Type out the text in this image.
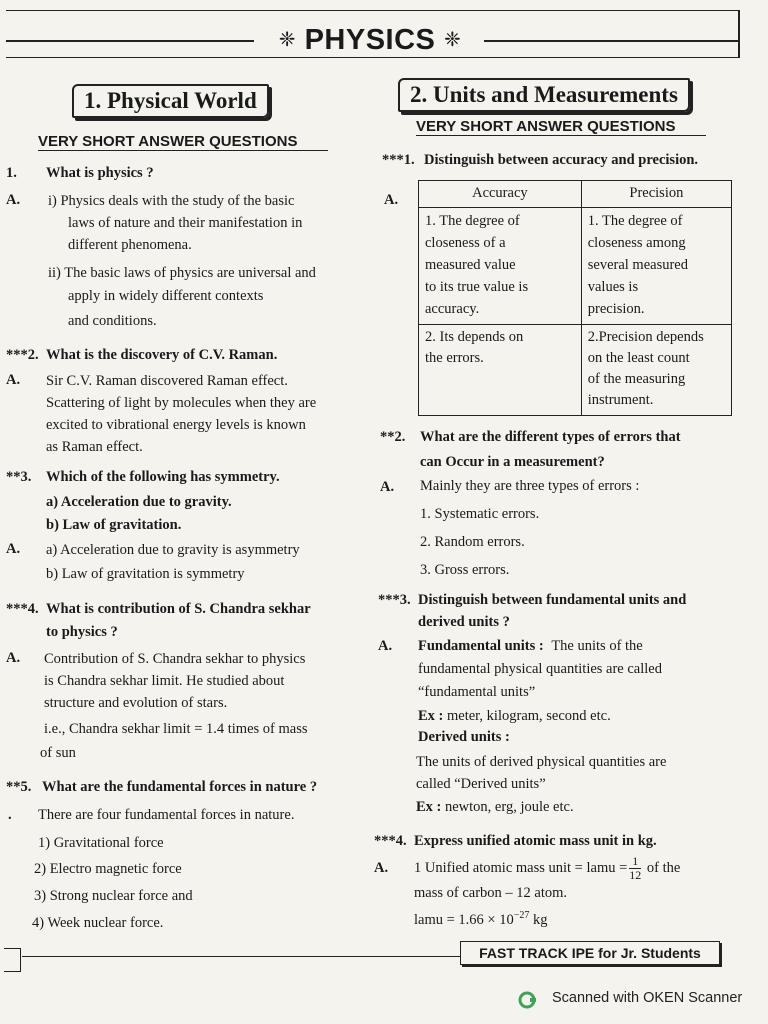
❈ PHYSICS ❈
1. Physical World
VERY SHORT ANSWER QUESTIONS
1. What is physics ?
A. i) Physics deals with the study of the basic
laws of nature and their manifestation in
different phenomena.
ii) The basic laws of physics are universal and
apply in widely different contexts
and conditions.
***2. What is the discovery of C.V. Raman.
A. Sir C.V. Raman discovered Raman effect.
Scattering of light by molecules when they are
excited to vibrational energy levels is known
as Raman effect.
**3. Which of the following has symmetry.
a) Acceleration due to gravity.
b) Law of gravitation.
A. a) Acceleration due to gravity is asymmetry
b) Law of gravitation is symmetry
***4. What is contribution of S. Chandra sekhar
to physics ?
A. Contribution of S. Chandra sekhar to physics
is Chandra sekhar limit. He studied about
structure and evolution of stars.
i.e., Chandra sekhar limit = 1.4 times of mass
of sun
**5. What are the fundamental forces in nature ?
. There are four fundamental forces in nature.
1) Gravitational force
2) Electro magnetic force
3) Strong nuclear force and
4) Week nuclear force.
2. Units and Measurements
VERY SHORT ANSWER QUESTIONS
***1. Distinguish between accuracy and precision.
A.	Accuracy	Precision
1. The degree of
closeness of a
measured value
to its true value is
accuracy.	1. The degree of
closeness among
several measured
values is
precision.
2. Its depends on
the errors.	2.Precision depends
on the least count
of the measuring
instrument.
**2. What are the different types of errors that
can Occur in a measurement?
A. Mainly they are three types of errors :
1. Systematic errors.
2. Random errors.
3. Gross errors.
***3. Distinguish between fundamental units and
derived units ?
A. Fundamental units : The units of the
fundamental physical quantities are called
“fundamental units”
Ex : meter, kilogram, second etc.
Derived units :
The units of derived physical quantities are
called “Derived units”
Ex : newton, erg, joule etc.
***4. Express unified atomic mass unit in kg.
A. 1 Unified atomic mass unit = lamu = $\frac{1}{12}$ of the
mass of carbon – 12 atom.
lamu = $1.66 \times 10^{-27}$ kg
FAST TRACK IPE for Jr. Students
Scanned with OKEN Scanner
